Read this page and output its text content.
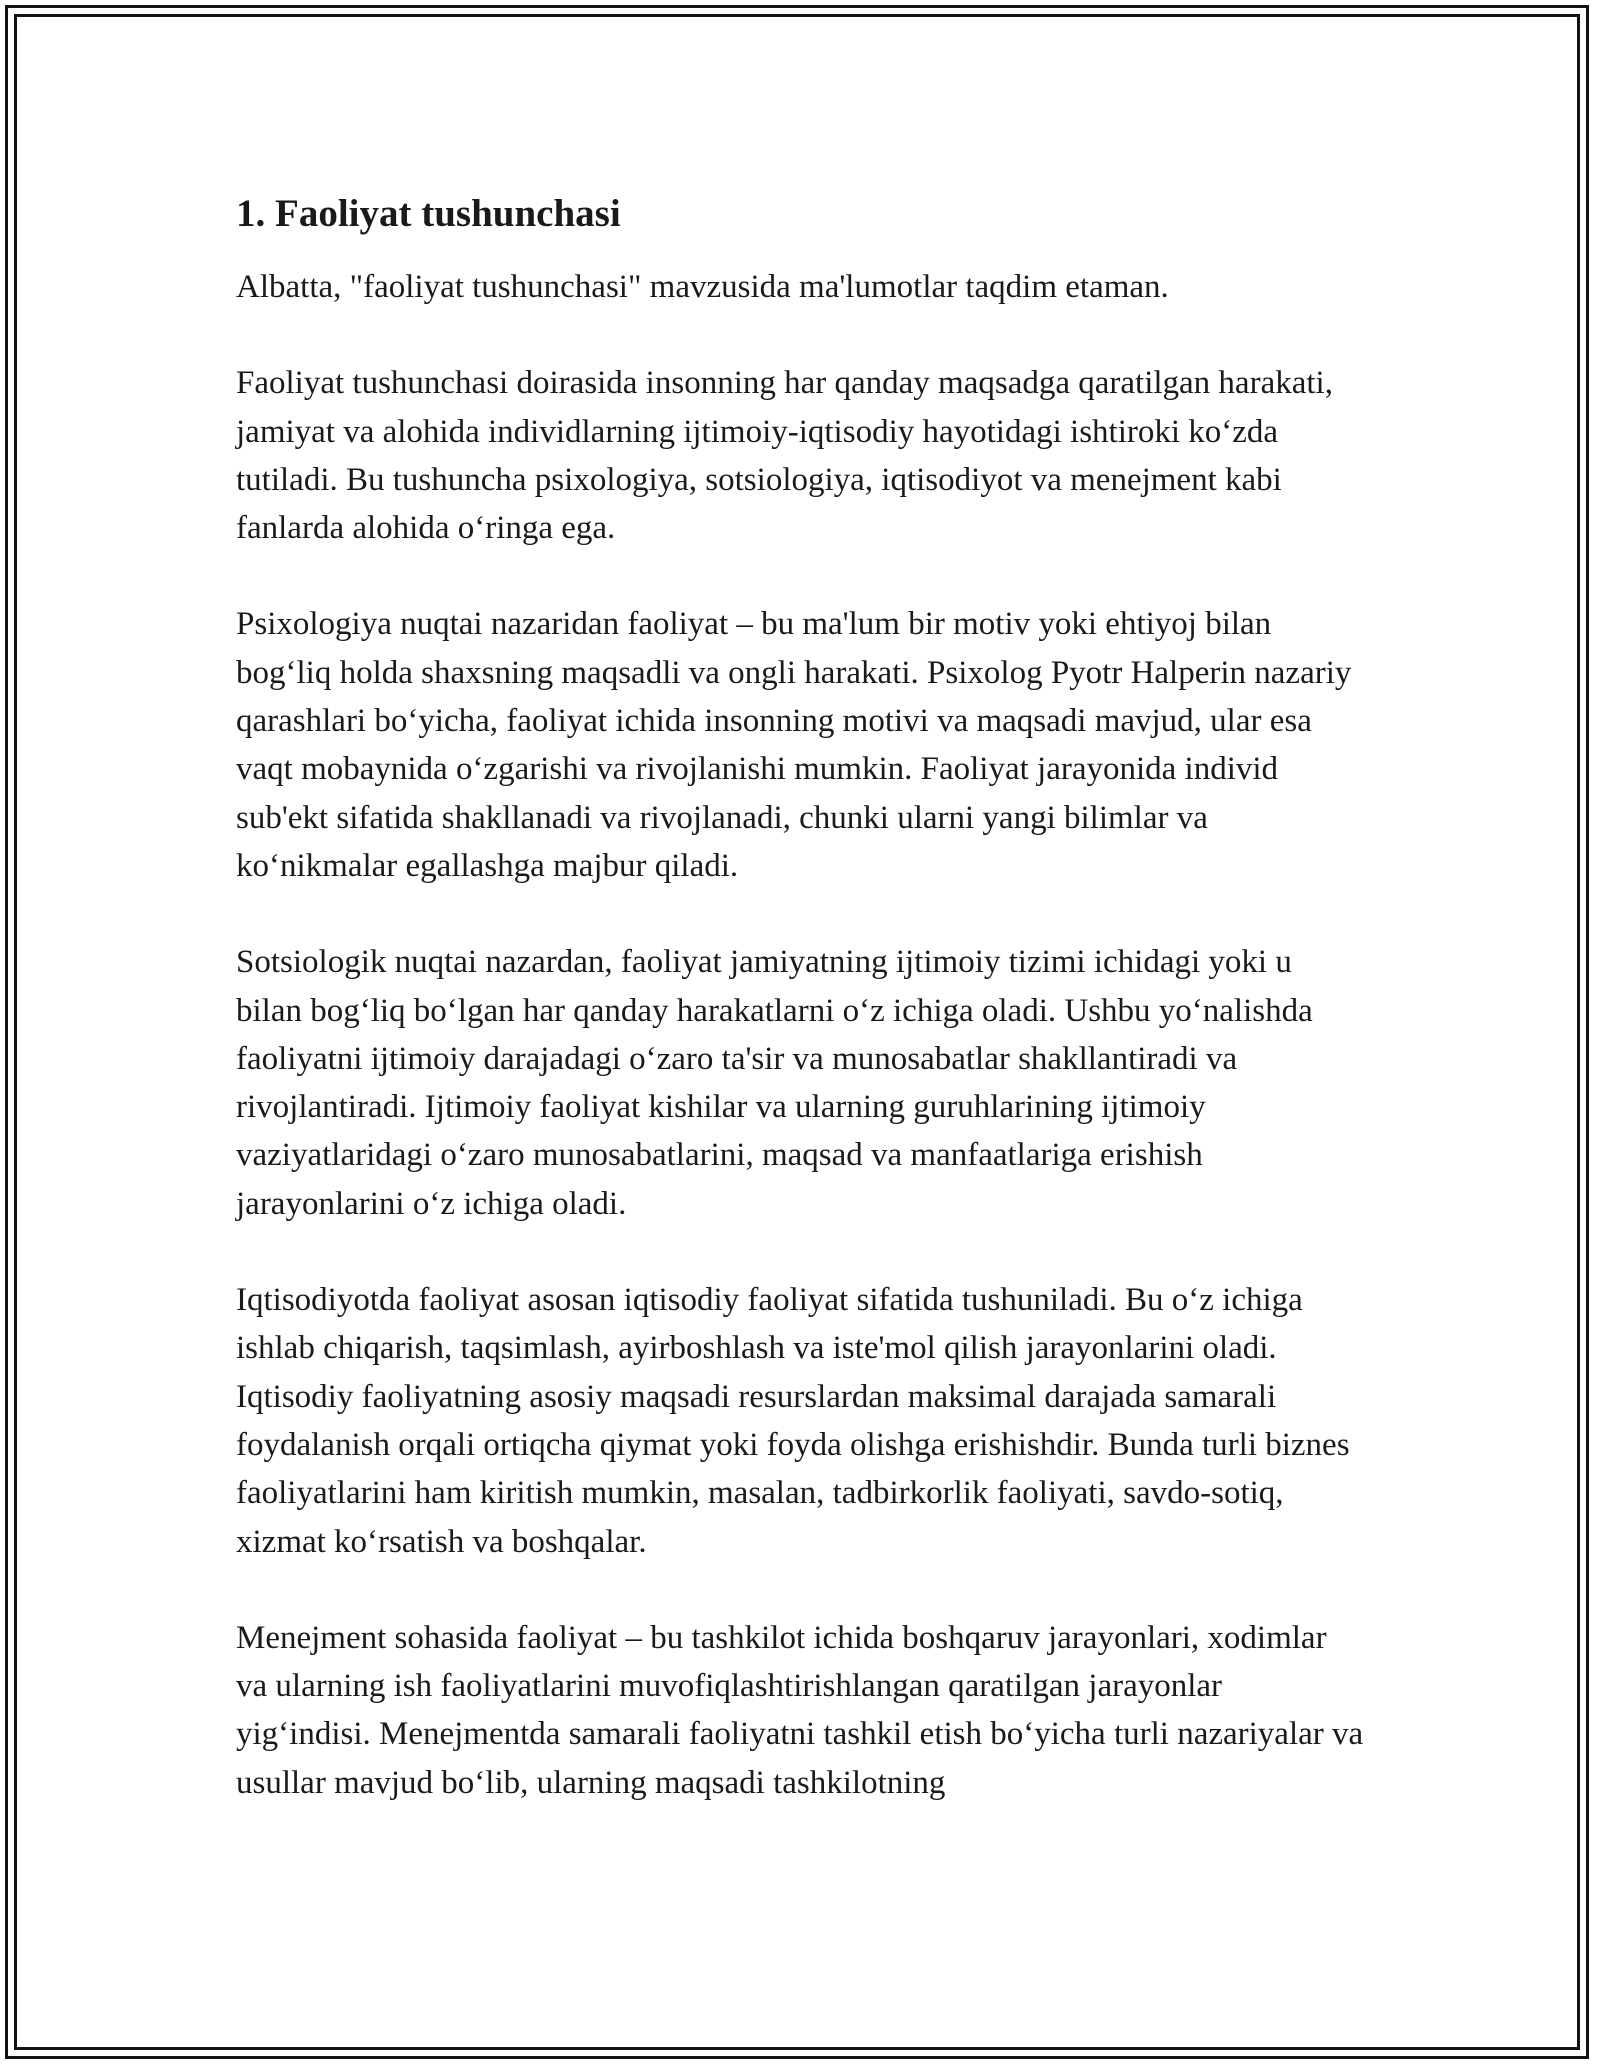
1. Faoliyat tushunchasi

Albatta, "faoliyat tushunchasi" mavzusida ma'lumotlar taqdim etaman.

Faoliyat tushunchasi doirasida insonning har qanday maqsadga qaratilgan harakati, jamiyat va alohida individlarning ijtimoiy-iqtisodiy hayotidagi ishtiroki ko‘zda tutiladi. Bu tushuncha psixologiya, sotsiologiya, iqtisodiyot va menejment kabi fanlarda alohida o‘ringa ega.

Psixologiya nuqtai nazaridan faoliyat – bu ma'lum bir motiv yoki ehtiyoj bilan bog‘liq holda shaxsning maqsadli va ongli harakati. Psixolog Pyotr Halperin nazariy qarashlari bo‘yicha, faoliyat ichida insonning motivi va maqsadi mavjud, ular esa vaqt mobaynida o‘zgarishi va rivojlanishi mumkin. Faoliyat jarayonida individ sub'ekt sifatida shakllanadi va rivojlanadi, chunki ularni yangi bilimlar va ko‘nikmalar egallashga majbur qiladi.

Sotsiologik nuqtai nazardan, faoliyat jamiyatning ijtimoiy tizimi ichidagi yoki u bilan bog‘liq bo‘lgan har qanday harakatlarni o‘z ichiga oladi. Ushbu yo‘nalishda faoliyatni ijtimoiy darajadagi o‘zaro ta'sir va munosabatlar shakllantiradi va rivojlantiradi. Ijtimoiy faoliyat kishilar va ularning guruhlarining ijtimoiy vaziyatlaridagi o‘zaro munosabatlarini, maqsad va manfaatlariga erishish jarayonlarini o‘z ichiga oladi.

Iqtisodiyotda faoliyat asosan iqtisodiy faoliyat sifatida tushuniladi. Bu o‘z ichiga ishlab chiqarish, taqsimlash, ayirboshlash va iste'mol qilish jarayonlarini oladi. Iqtisodiy faoliyatning asosiy maqsadi resurslardan maksimal darajada samarali foydalanish orqali ortiqcha qiymat yoki foyda olishga erishishdir. Bunda turli biznes faoliyatlarini ham kiritish mumkin, masalan, tadbirkorlik faoliyati, savdo-sotiq, xizmat ko‘rsatish va boshqalar.

Menejment sohasida faoliyat – bu tashkilot ichida boshqaruv jarayonlari, xodimlar va ularning ish faoliyatlarini muvofiqlashtirishlangan qaratilgan jarayonlar yig‘indisi. Menejmentda samarali faoliyatni tashkil etish bo‘yicha turli nazariyalar va usullar mavjud bo‘lib, ularning maqsadi tashkilotning
